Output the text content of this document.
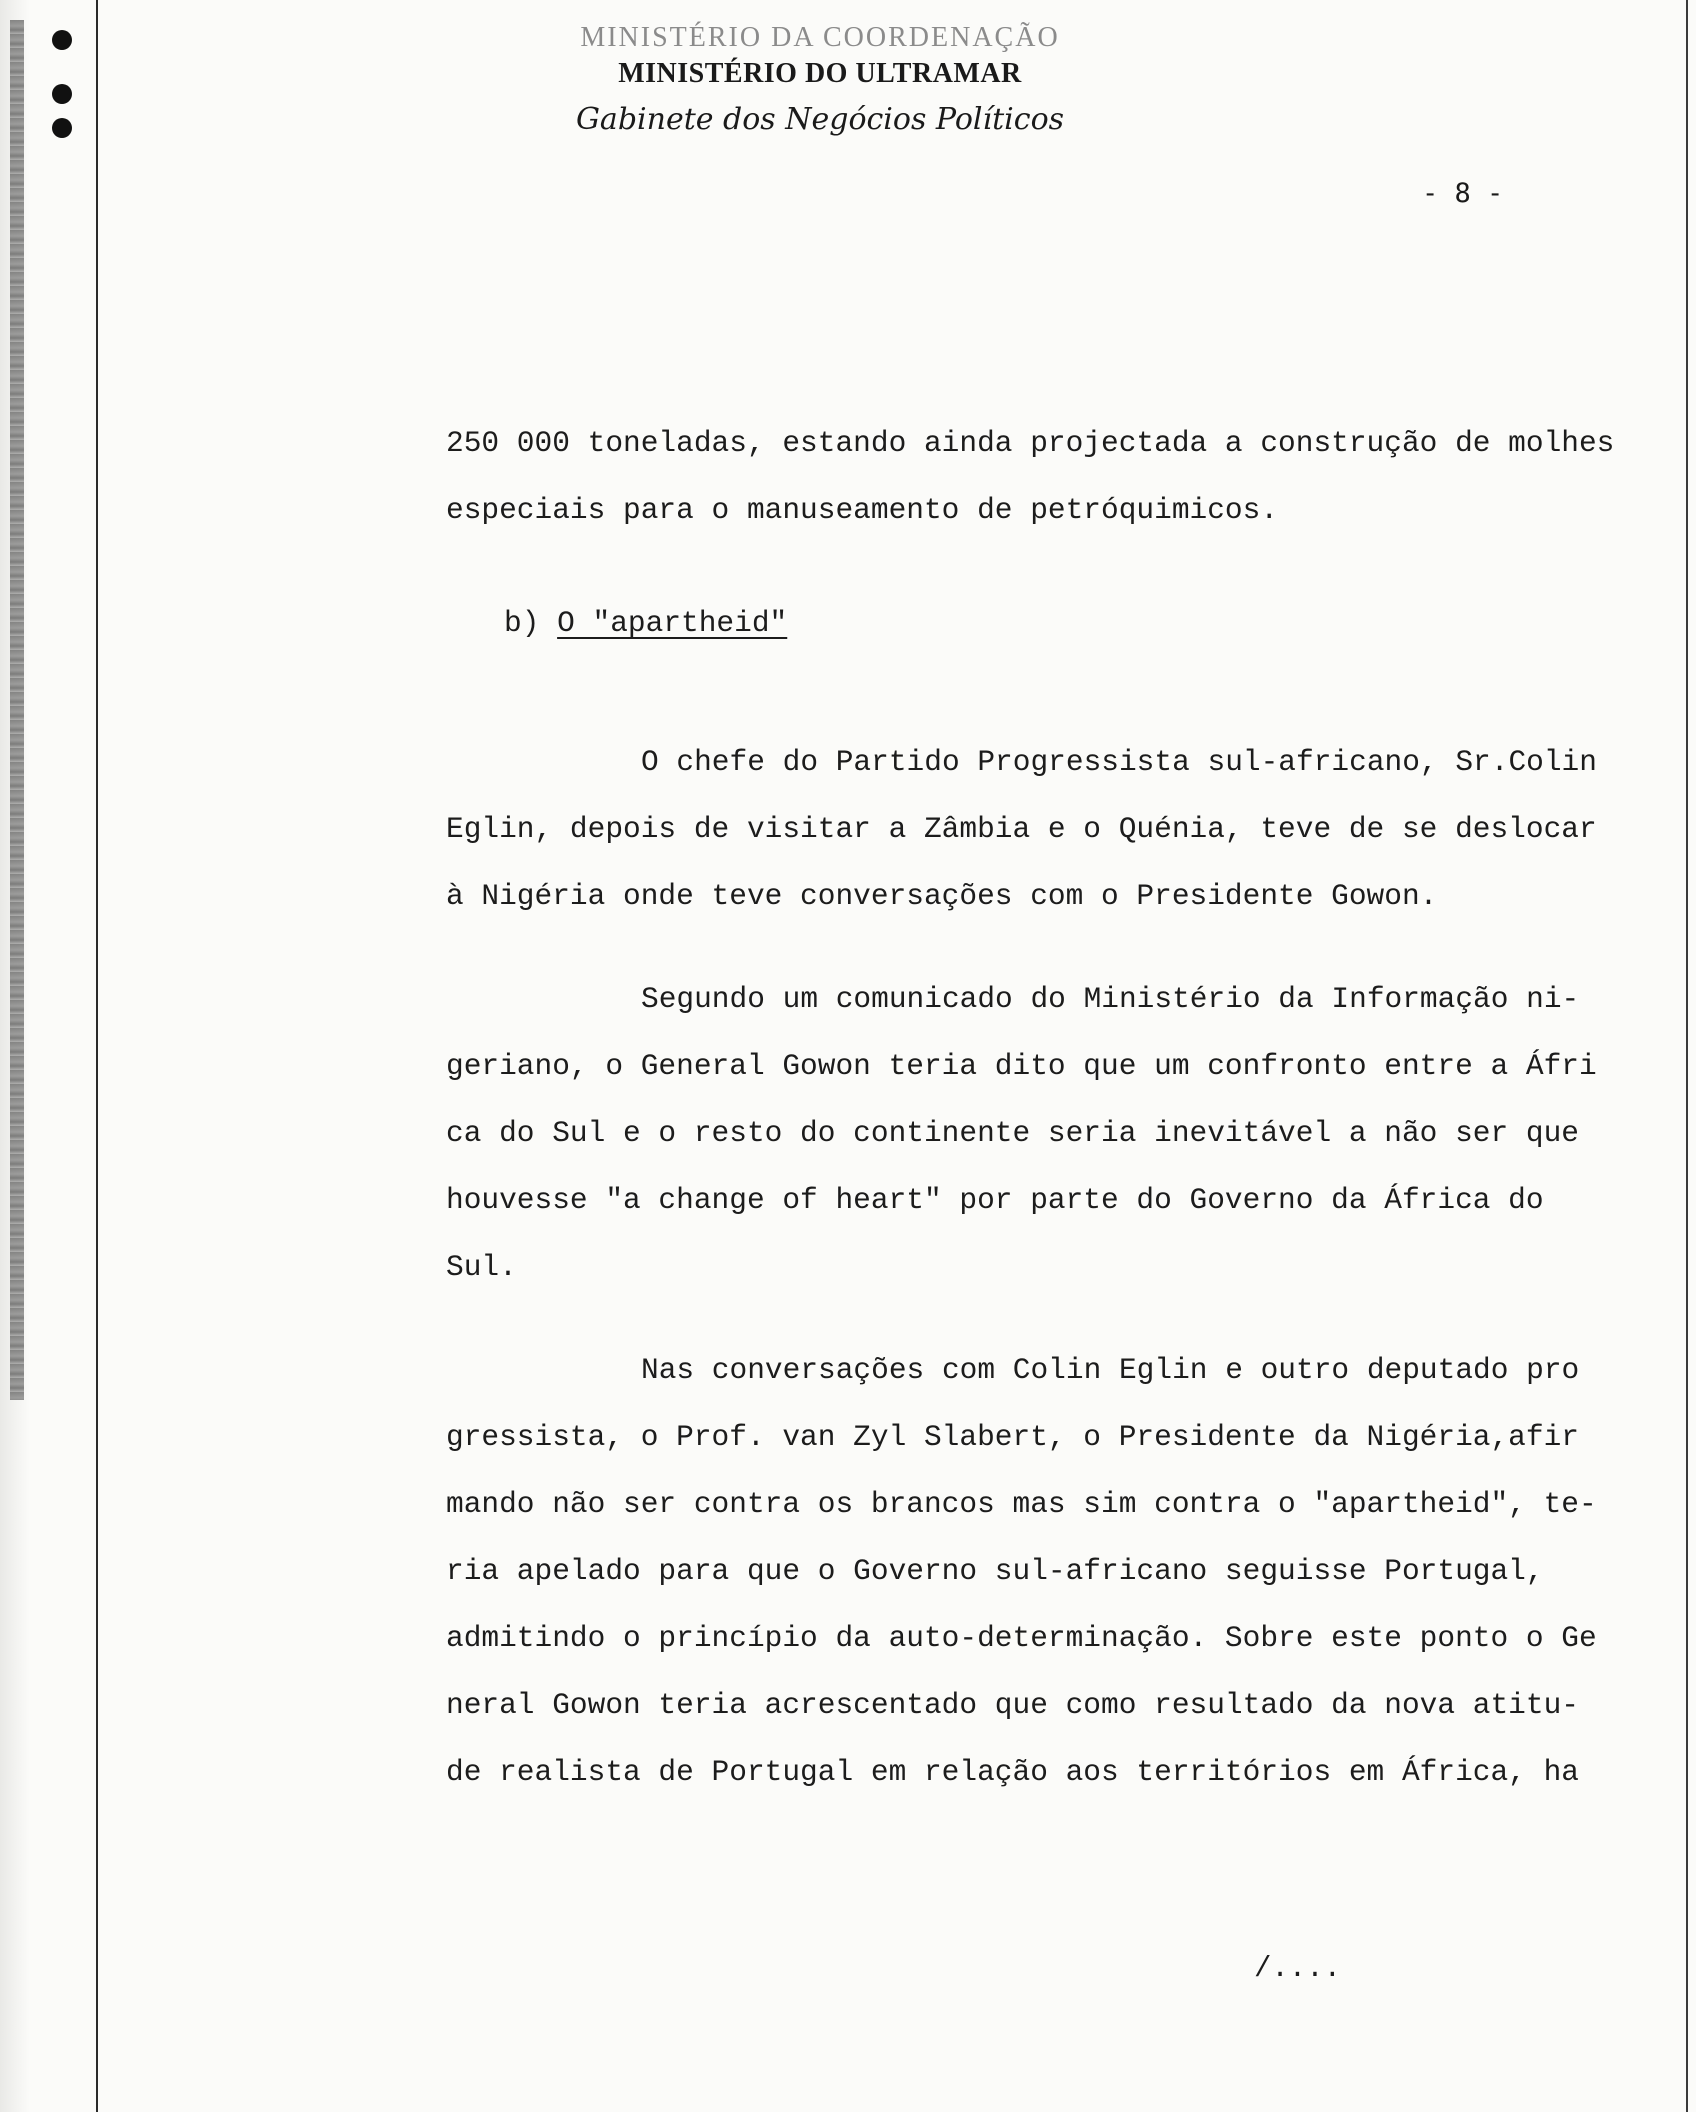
MINISTÉRIO DA COORDENAÇÃO
MINISTÉRIO DO ULTRAMAR
Gabinete dos Negócios Políticos
- 8 -

250 000 toneladas, estando ainda projectada a construção de molhes

especiais para o manuseamento de petróquimicos.

b) O "apartheid"

O chefe do Partido Progressista sul-africano, Sr.Colin

Eglin, depois de visitar a Zâmbia e o Quénia, teve de se deslocar

à Nigéria onde teve conversações com o Presidente Gowon.

Segundo um comunicado do Ministério da Informação ni-

geriano, o General Gowon teria dito que um confronto entre a Áfri

ca do Sul e o resto do continente seria inevitável a não ser que

houvesse "a change of heart" por parte do Governo da África do

Sul.

Nas conversações com Colin Eglin e outro deputado pro

gressista, o Prof. van Zyl Slabert, o Presidente da Nigéria,afir

mando não ser contra os brancos mas sim contra o "apartheid", te-

ria apelado para que o Governo sul-africano seguisse Portugal,

admitindo o princípio da auto-determinação. Sobre este ponto o Ge

neral Gowon teria acrescentado que como resultado da nova atitu-

de realista de Portugal em relação aos territórios em África, ha

/....
